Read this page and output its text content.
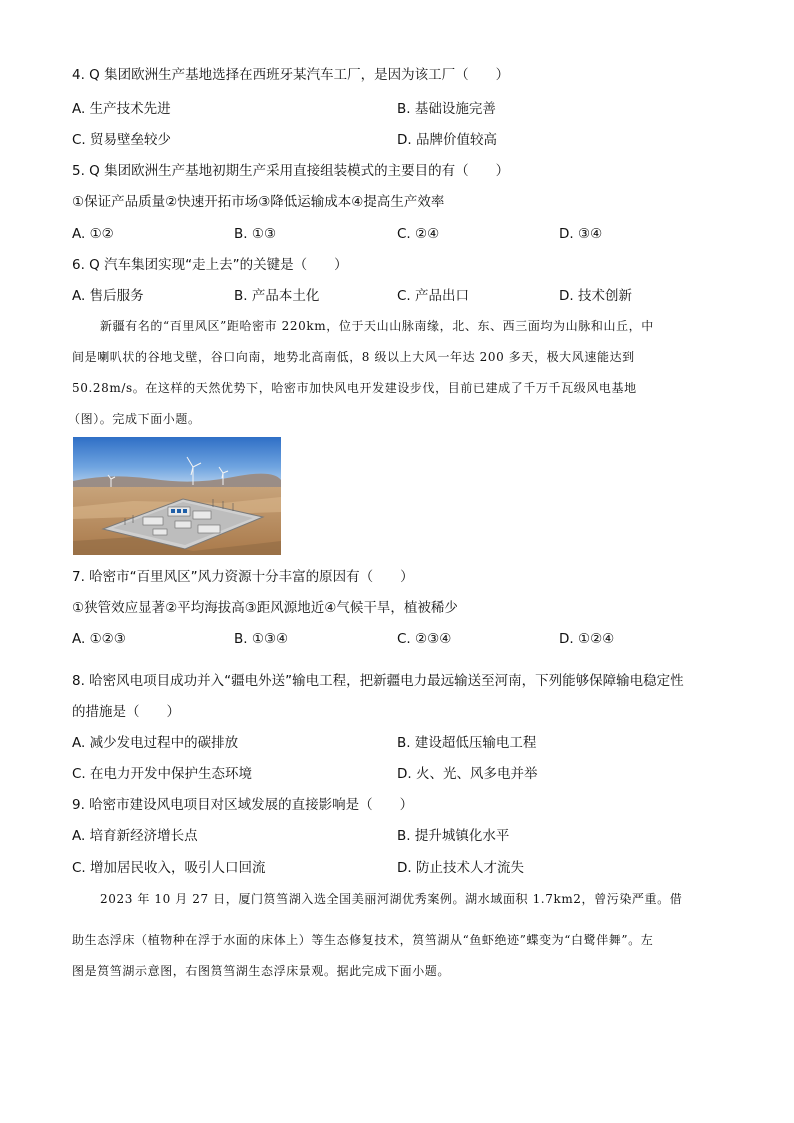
4. Q 集团欧洲生产基地选择在西班牙某汽车工厂，是因为该工厂（　　）
A. 生产技术先进	B. 基础设施完善
C. 贸易壁垒较少	D. 品牌价值较高
5. Q 集团欧洲生产基地初期生产采用直接组装模式的主要目的有（　　）
①保证产品质量②快速开拓市场③降低运输成本④提高生产效率
A. ①②	B. ①③	C. ②④	D. ③④
6. Q 汽车集团实现“走上去”的关键是（　　）
A. 售后服务	B. 产品本土化	C. 产品出口	D. 技术创新
新疆有名的“百里风区”距哈密市 220km，位于天山山脉南缘，北、东、西三面均为山脉和山丘，中
间是喇叭状的谷地戈壁，谷口向南，地势北高南低，8 级以上大风一年达 200 多天，极大风速能达到
50.28m/s。在这样的天然优势下，哈密市加快风电开发建设步伐，目前已建成了千万千瓦级风电基地
（图）。完成下面小题。
7. 哈密市“百里风区”风力资源十分丰富的原因有（　　）
①狭管效应显著②平均海拔高③距风源地近④气候干旱，植被稀少
A. ①②③	B. ①③④	C. ②③④	D. ①②④
8. 哈密风电项目成功并入“疆电外送”输电工程，把新疆电力最远输送至河南，下列能够保障输电稳定性
的措施是（　　）
A. 减少发电过程中的碳排放	B. 建设超低压输电工程
C. 在电力开发中保护生态环境	D. 火、光、风多电并举
9. 哈密市建设风电项目对区域发展的直接影响是（　　）
A. 培育新经济增长点	B. 提升城镇化水平
C. 增加居民收入，吸引人口回流	D. 防止技术人才流失
2023 年 10 月 27 日，厦门筼筜湖入选全国美丽河湖优秀案例。湖水域面积 1.7km2，曾污染严重。借
助生态浮床（植物种在浮于水面的床体上）等生态修复技术，筼筜湖从“鱼虾绝迹”蝶变为“白鹭伴舞”。左
图是筼筜湖示意图，右图筼筜湖生态浮床景观。据此完成下面小题。
